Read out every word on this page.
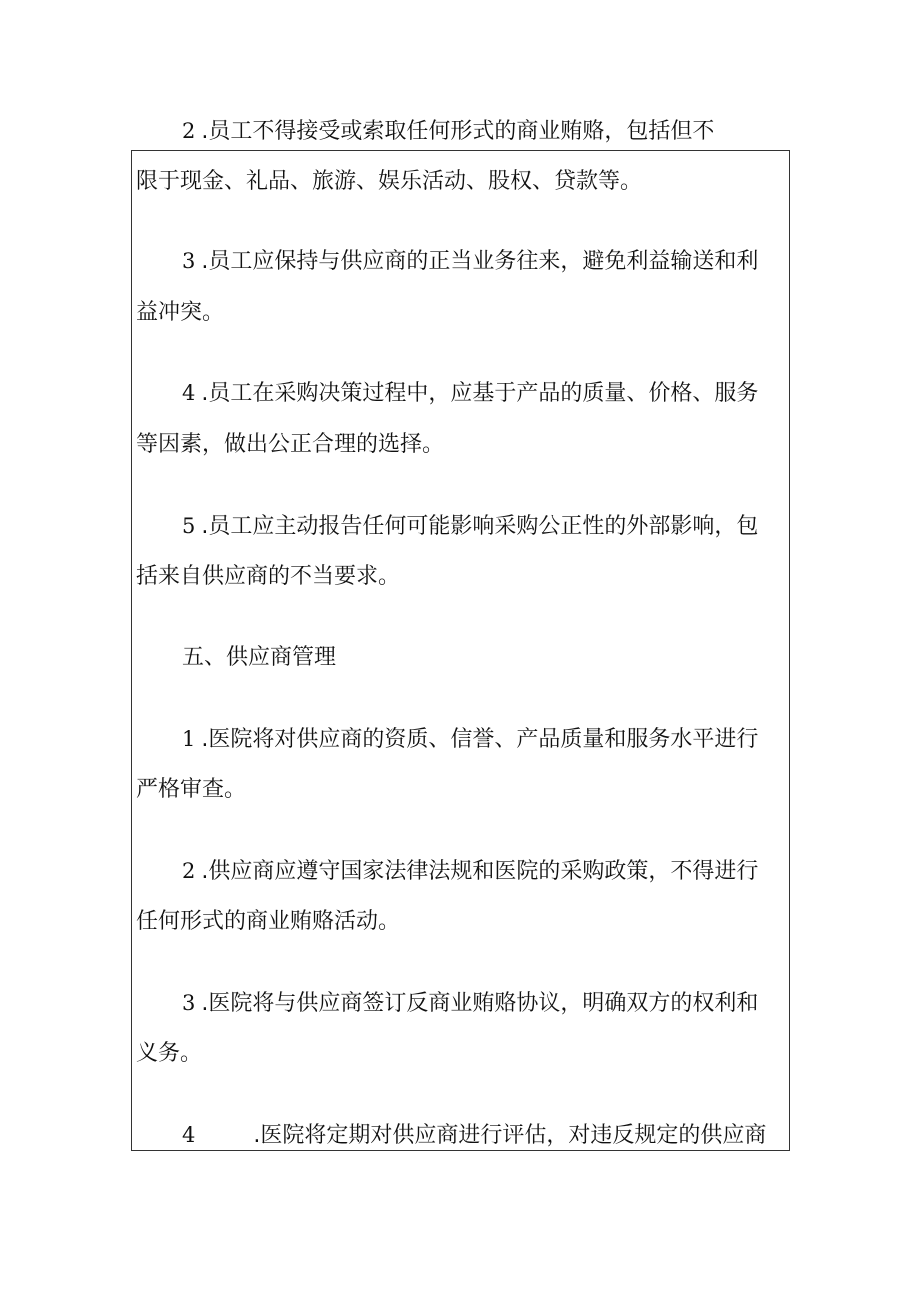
2 .员工不得接受或索取任何形式的商业贿赂，包括但不
限于现金、礼品、旅游、娱乐活动、股权、贷款等。
3 .员工应保持与供应商的正当业务往来，避免利益输送和利
益冲突。
4 .员工在采购决策过程中，应基于产品的质量、价格、服务
等因素，做出公正合理的选择。
5 .员工应主动报告任何可能影响采购公正性的外部影响，包
括来自供应商的不当要求。
五、供应商管理
1 .医院将对供应商的资质、信誉、产品质量和服务水平进行
严格审查。
2 .供应商应遵守国家法律法规和医院的采购政策，不得进行
任何形式的商业贿赂活动。
3 .医院将与供应商签订反商业贿赂协议，明确双方的权利和
义务。
4	.医院将定期对供应商进行评估，对违反规定的供应商
